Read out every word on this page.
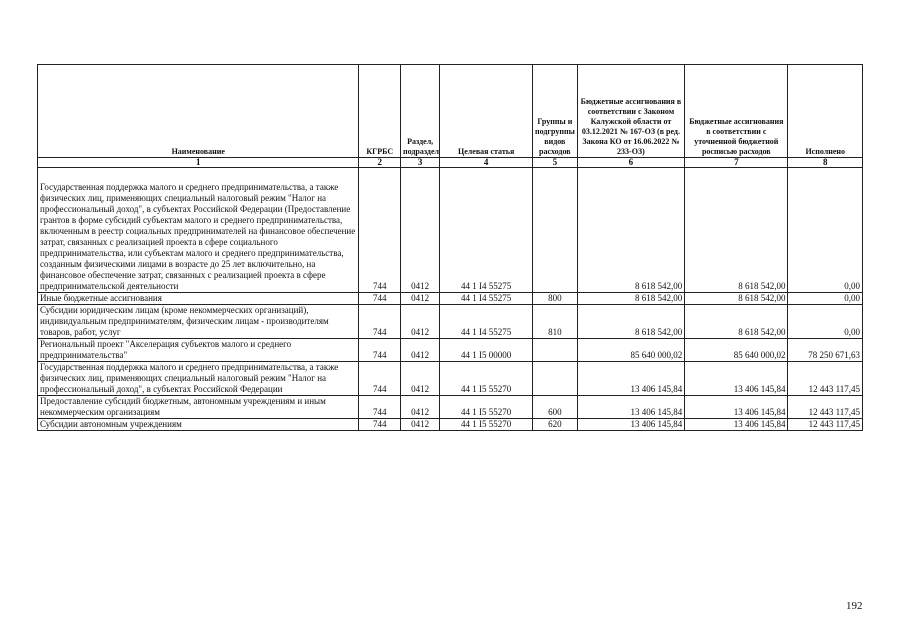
Наименование	КГРБС	Раздел, подраздел	Целевая статья	Группы и подгруппы видов расходов	Бюджетные ассигнования в соответствии с Законом Калужской области от 03.12.2021 № 167-ОЗ (в ред. Закона КО от 16.06.2022 № 233-ОЗ)	Бюджетные ассигнования в соответствии с уточненной бюджетной росписью расходов	Исполнено
1	2	3	4	5	6	7	8
Государственная поддержка малого и среднего предпринимательства, а также физических лиц, применяющих специальный налоговый режим "Налог на профессиональный доход", в субъектах Российской Федерации (Предоставление грантов в форме субсидий субъектам малого и среднего предпринимательства, включенным в реестр социальных предпринимателей на финансовое обеспечение затрат, связанных с реализацией проекта в сфере социального предпринимательства, или субъектам малого и среднего предпринимательства, созданным физическими лицами в возрасте до 25 лет включительно, на финансовое обеспечение затрат, связанных с реализацией проекта в сфере предпринимательской деятельности	744	0412	44 1 I4 55275		8 618 542,00	8 618 542,00	0,00
Иные бюджетные ассигнования	744	0412	44 1 I4 55275	800	8 618 542,00	8 618 542,00	0,00
Субсидии юридическим лицам (кроме некоммерческих организаций), индивидуальным предпринимателям, физическим лицам - производителям товаров, работ, услуг	744	0412	44 1 I4 55275	810	8 618 542,00	8 618 542,00	0,00
Региональный проект "Акселерация субъектов малого и среднего предпринимательства"	744	0412	44 1 I5 00000		85 640 000,02	85 640 000,02	78 250 671,63
Государственная поддержка малого и среднего предпринимательства, а также физических лиц, применяющих специальный налоговый режим "Налог на профессиональный доход", в субъектах Российской Федерации	744	0412	44 1 I5 55270		13 406 145,84	13 406 145,84	12 443 117,45
Предоставление субсидий бюджетным, автономным учреждениям и иным некоммерческим организациям	744	0412	44 1 I5 55270	600	13 406 145,84	13 406 145,84	12 443 117,45
Субсидии автономным учреждениям	744	0412	44 1 I5 55270	620	13 406 145,84	13 406 145,84	12 443 117,45
192
